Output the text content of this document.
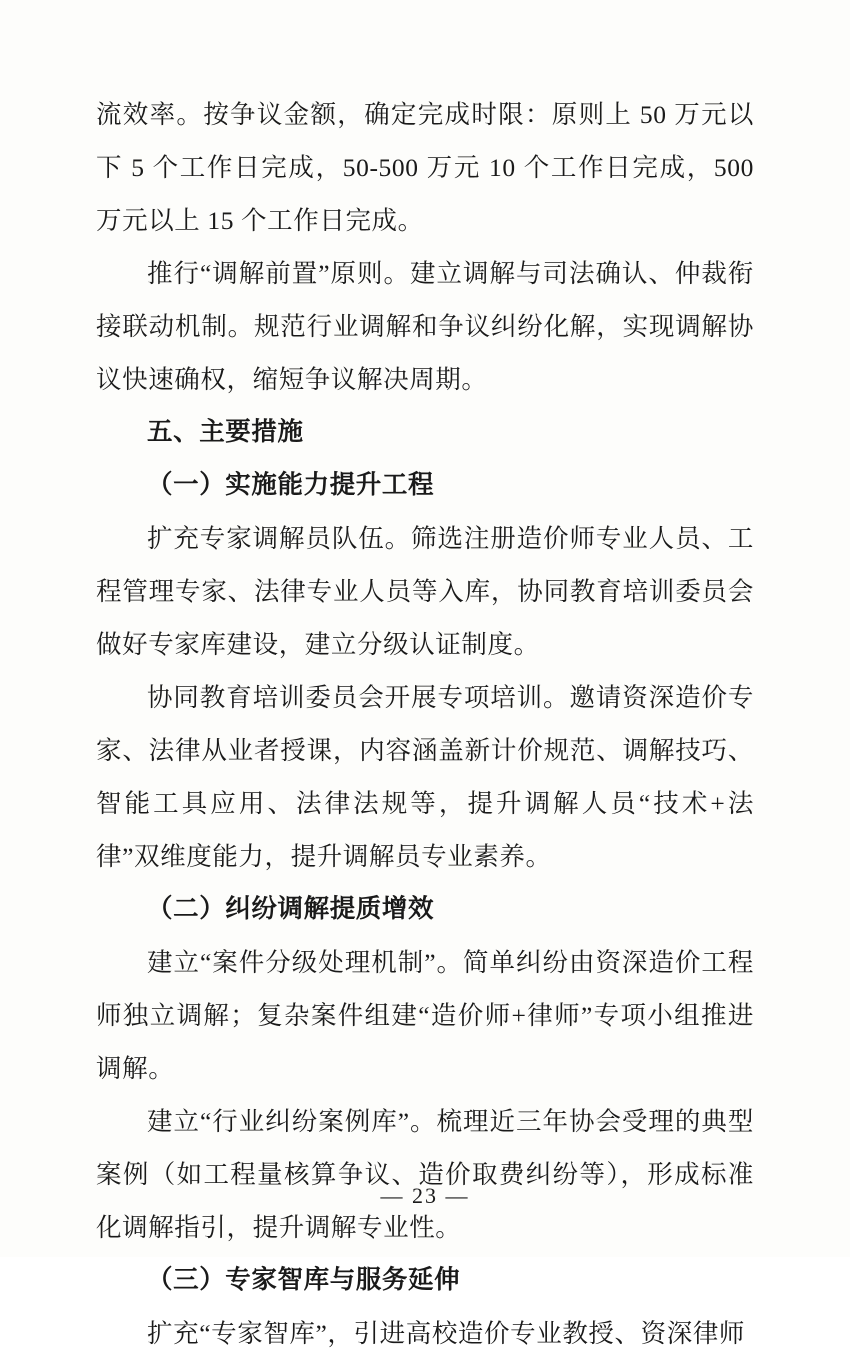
流效率。按争议金额，确定完成时限：原则上 50 万元以下 5 个工作日完成，50-500 万元 10 个工作日完成，500 万元以上 15 个工作日完成。

推行“调解前置”原则。建立调解与司法确认、仲裁衔接联动机制。规范行业调解和争议纠纷化解，实现调解协议快速确权，缩短争议解决周期。

五、主要措施

（一）实施能力提升工程

扩充专家调解员队伍。筛选注册造价师专业人员、工程管理专家、法律专业人员等入库，协同教育培训委员会做好专家库建设，建立分级认证制度。

协同教育培训委员会开展专项培训。邀请资深造价专家、法律从业者授课，内容涵盖新计价规范、调解技巧、智能工具应用、法律法规等，提升调解人员“技术+法律”双维度能力，提升调解员专业素养。

（二）纠纷调解提质增效

建立“案件分级处理机制”。简单纠纷由资深造价工程师独立调解；复杂案件组建“造价师+律师”专项小组推进调解。

建立“行业纠纷案例库”。梳理近三年协会受理的典型案例（如工程量核算争议、造价取费纠纷等），形成标准化调解指引，提升调解专业性。

（三）专家智库与服务延伸

扩充“专家智库”，引进高校造价专业教授、资深律师

— 23 —
